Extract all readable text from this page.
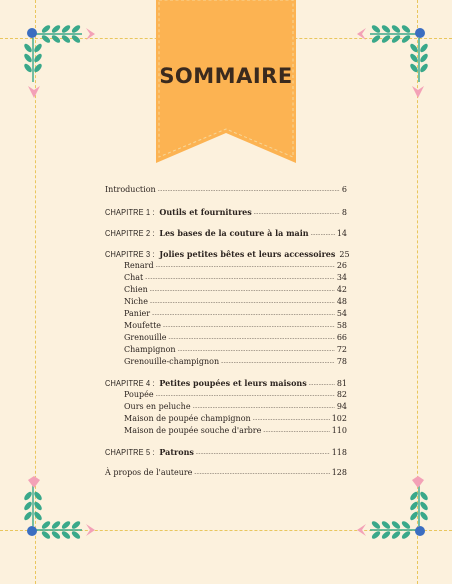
SOMMAIRE
Introduction -----	6
CHAPITRE 1 : Outils et fournitures -----	8
CHAPITRE 2 : Les bases de la couture à la main -----	14
CHAPITRE 3 : Jolies petites bêtes et leurs accessoires 25
Renard -----	26
Chat -----	34
Chien -----	42
Niche -----	48
Panier -----	54
Moufette -----	58
Grenouille -----	66
Champignon -----	72
Grenouille-champignon -----	78
CHAPITRE 4 : Petites poupées et leurs maisons -----	81
Poupée -----	82
Ours en peluche -----	94
Maison de poupée champignon -----	102
Maison de poupée souche d'arbre -----	110
CHAPITRE 5 : Patrons -----	118
À propos de l'auteure -----	128
